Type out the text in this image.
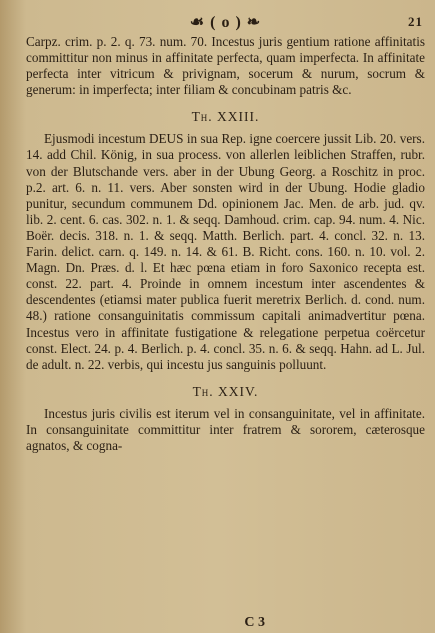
☙ ( o ) ❧	21

Carpz. crim. p. 2. q. 73. num. 70. Incestus juris gentium ratione affinitatis committitur non minus in affinitate perfecta, quam imperfecta. In affinitate perfecta inter vitricum & privignam, socerum & nurum, socrum & generum: in imperfecta; inter filiam & concubinam patris &c.

Th. XXIII.

Ejusmodi incestum DEUS in sua Rep. igne coercere jussit Lib. 20. vers. 14. add Chil. König, in sua process. von allerlen leiblichen Straffen, rubr. von der Blutschande vers. aber in der Ubung Georg. a Roschitz in proc. p.2. art. 6. n. 11. vers. Aber sonsten wird in der Ubung. Hodie gladio punitur, secundum communem Dd. opinionem Jac. Men. de arb. jud. qv. lib. 2. cent. 6. cas. 302. n. 1. & seqq. Damhoud. crim. cap. 94. num. 4. Nic. Boër. decis. 318. n. 1. & seqq. Matth. Berlich. part. 4. concl. 32. n. 13. Farin. delict. carn. q. 149. n. 14. & 61. B. Richt. cons. 160. n. 10. vol. 2. Magn. Dn. Præs. d. l. Et hæc pœna etiam in foro Saxonico recepta est. const. 22. part. 4. Proinde in omnem incestum inter ascendentes & descendentes (etiamsi mater publica fuerit meretrix Berlich. d. cond. num. 48.) ratione consanguinitatis commissum capitali animadvertitur pœna. Incestus vero in affinitate fustigatione & relegatione perpetua coërcetur const. Elect. 24. p. 4. Berlich. p. 4. concl. 35. n. 6. & seqq. Hahn. ad L. Jul. de adult. n. 22. verbis, qui incestu jus sanguinis polluunt.

Th. XXIV.

Incestus juris civilis est iterum vel in consanguinitate, vel in affinitate. In consanguinitate committitur inter fratrem & sororem, cæterosque agnatos, & cogna-

C 3
